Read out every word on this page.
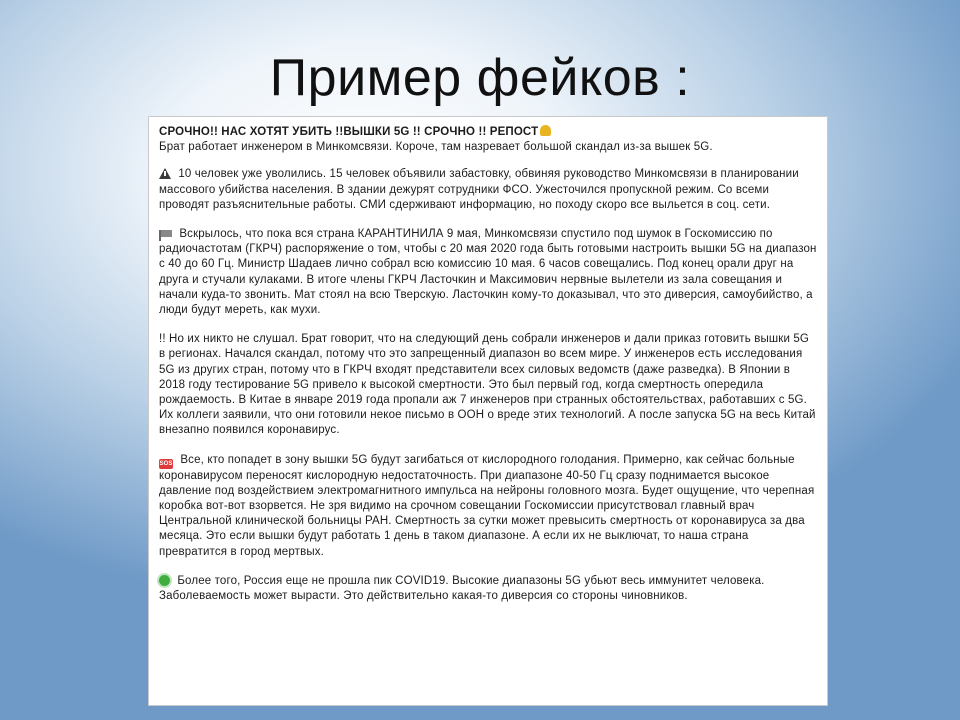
Пример фейков :

СРОЧНО!! НАС ХОТЯТ УБИТЬ !!ВЫШКИ 5G !! СРОЧНО !! РЕПОСТ
Брат работает инженером в Минкомсвязи. Короче, там назревает большой скандал из-за вышек 5G.

10 человек уже уволились. 15 человек объявили забастовку, обвиняя руководство Минкомсвязи в планировании массового убийства населения. В здании дежурят сотрудники ФСО. Ужесточился пропускной режим. Со всеми проводят разъяснительные работы. СМИ сдерживают информацию, но походу скоро все выльется в соц. сети.

Вскрылось, что пока вся страна КАРАНТИНИЛА 9 мая, Минкомсвязи спустило под шумок в Госкомиссию по радиочастотам (ГКРЧ) распоряжение о том, чтобы с 20 мая 2020 года быть готовыми настроить вышки 5G на диапазон с 40 до 60 Гц. Министр Шадаев лично собрал всю комиссию 10 мая. 6 часов совещались. Под конец орали друг на друга и стучали кулаками. В итоге члены ГКРЧ Ласточкин и Максимович нервные вылетели из зала совещания и начали куда-то звонить. Мат стоял на всю Тверскую. Ласточкин кому-то доказывал, что это диверсия, самоубийство, а люди будут мереть, как мухи.

!! Но их никто не слушал. Брат говорит, что на следующий день собрали инженеров и дали приказ готовить вышки 5G в регионах. Начался скандал, потому что это запрещенный диапазон во всем мире. У инженеров есть исследования 5G из других стран, потому что в ГКРЧ входят представители всех силовых ведомств (даже разведка). В Японии в 2018 году тестирование 5G привело к высокой смертности. Это был первый год, когда смертность опередила рождаемость. В Китае в январе 2019 года пропали аж 7 инженеров при странных обстоятельствах, работавших с 5G. Их коллеги заявили, что они готовили некое письмо в ООН о вреде этих технологий. А после запуска 5G на весь Китай внезапно появился коронавирус.

SOS Все, кто попадет в зону вышки 5G будут загибаться от кислородного голодания. Примерно, как сейчас больные коронавирусом переносят кислородную недостаточность. При диапазоне 40-50 Гц сразу поднимается высокое давление под воздействием электромагнитного импульса на нейроны головного мозга. Будет ощущение, что черепная коробка вот-вот взорвется. Не зря видимо на срочном совещании Госкомиссии присутствовал главный врач Центральной клинической больницы РАН. Смертность за сутки может превысить смертность от коронавируса за два месяца. Это если вышки будут работать 1 день в таком диапазоне. А если их не выключат, то наша страна превратится в город мертвых.

Более того, Россия еще не прошла пик COVID19. Высокие диапазоны 5G убьют весь иммунитет человека. Заболеваемость может вырасти. Это действительно какая-то диверсия со стороны чиновников.
